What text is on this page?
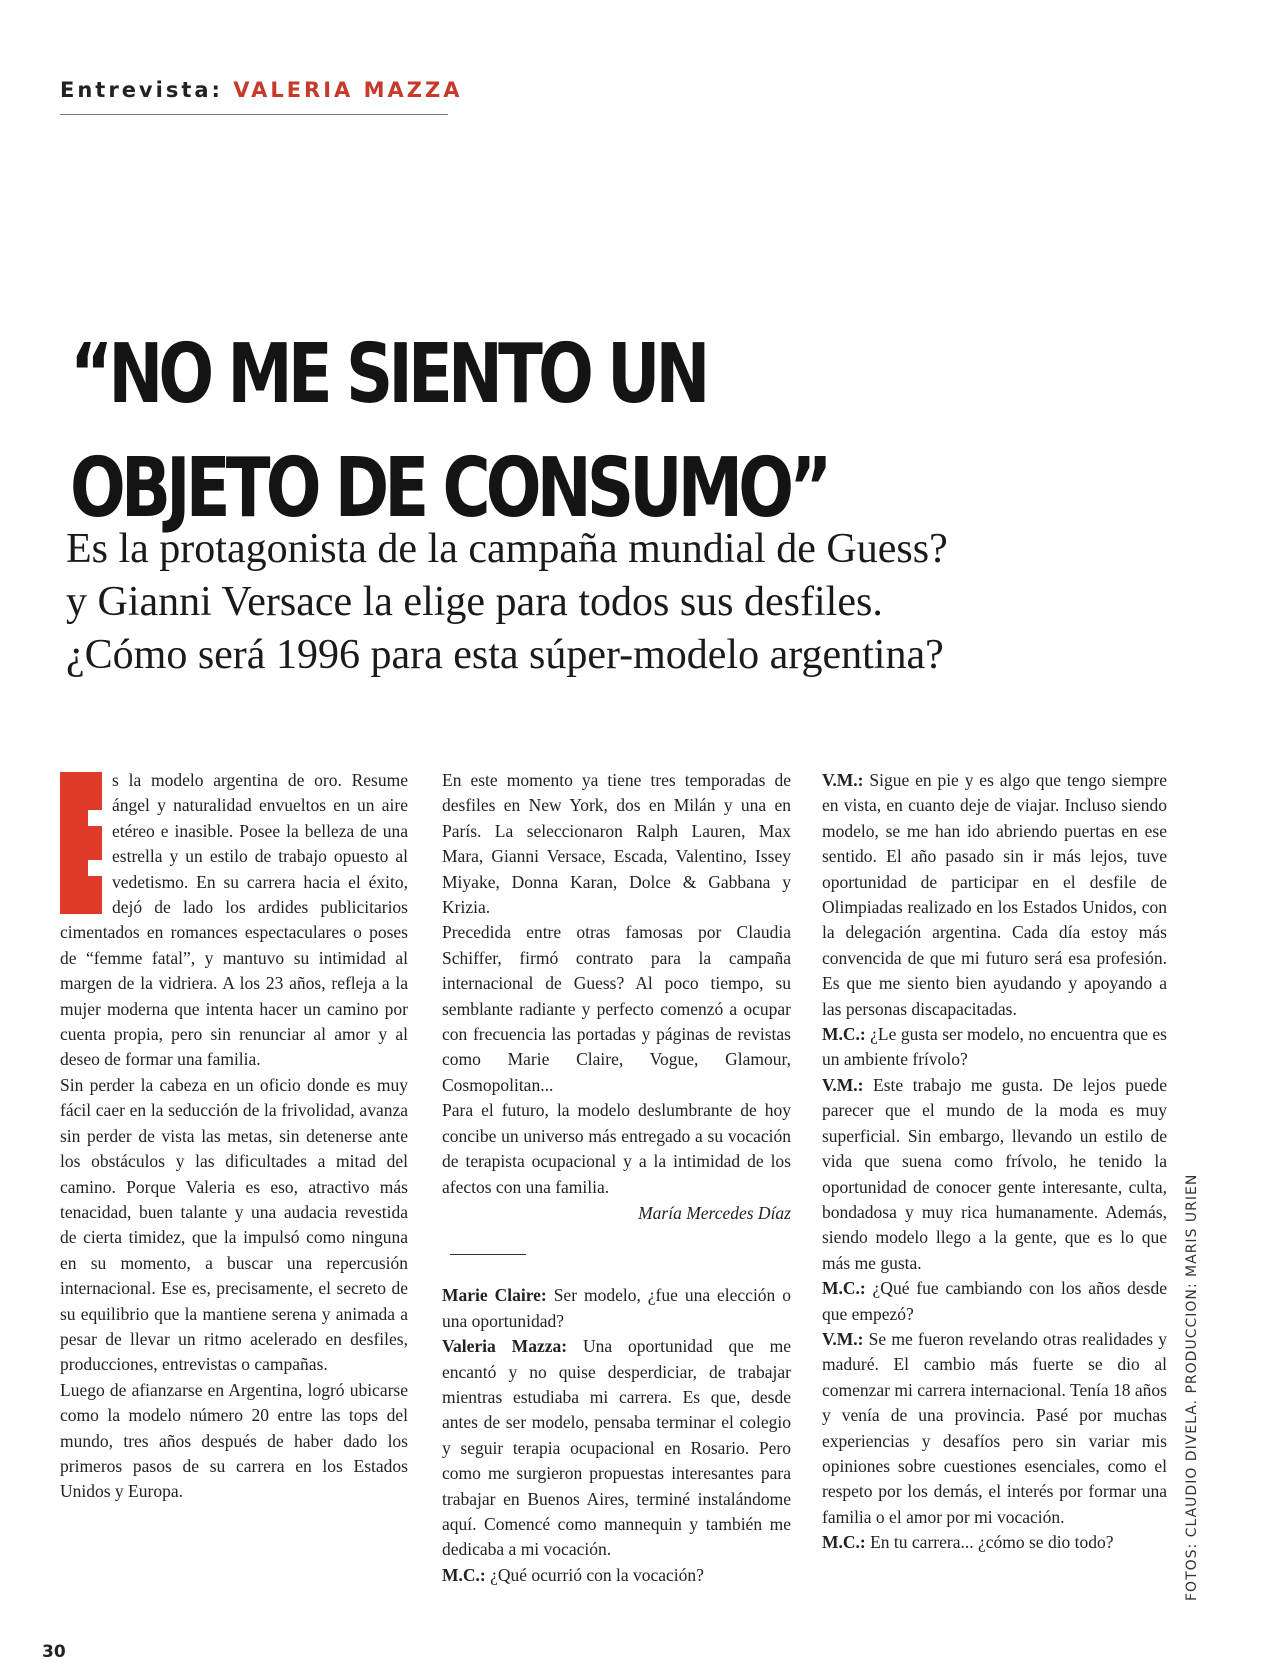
Entrevista: VALERIA MAZZA
“NO ME SIENTO UN
OBJETO DE CONSUMO”

Es la protagonista de la campaña mundial de Guess?
y Gianni Versace la elige para todos sus desfiles.
¿Cómo será 1996 para esta súper-modelo argentina?

s la modelo argentina de oro. Resume ángel y naturalidad envueltos en un aire etéreo e inasible. Posee la belleza de una estrella y un estilo de trabajo opuesto al vedetismo. En su carrera hacia el éxito, dejó de lado los ardides publicitarios cimentados en romances espectaculares o poses de “femme fatal”, y mantuvo su intimidad al margen de la vidriera. A los 23 años, refleja a la mujer moderna que intenta hacer un camino por cuenta propia, pero sin renunciar al amor y al deseo de formar una familia.

Sin perder la cabeza en un oficio donde es muy fácil caer en la seducción de la frivolidad, avanza sin perder de vista las metas, sin detenerse ante los obstáculos y las dificultades a mitad del camino. Porque Valeria es eso, atractivo más tenacidad, buen talante y una audacia revestida de cierta timidez, que la impulsó como ninguna en su momento, a buscar una repercusión internacional. Ese es, precisamente, el secreto de su equilibrio que la mantiene serena y animada a pesar de llevar un ritmo acelerado en desfiles, producciones, entrevistas o campañas.

Luego de afianzarse en Argentina, logró ubicarse como la modelo número 20 entre las tops del mundo, tres años después de haber dado los primeros pasos de su carrera en los Estados Unidos y Europa.

En este momento ya tiene tres temporadas de desfiles en New York, dos en Milán y una en París. La seleccionaron Ralph Lauren, Max Mara, Gianni Versace, Escada, Valentino, Issey Miyake, Donna Karan, Dolce & Gabbana y Krizia.

Precedida entre otras famosas por Claudia Schiffer, firmó contrato para la campaña internacional de Guess? Al poco tiempo, su semblante radiante y perfecto comenzó a ocupar con frecuencia las portadas y páginas de revistas como Marie Claire, Vogue, Glamour, Cosmopolitan...

Para el futuro, la modelo deslumbrante de hoy concibe un universo más entregado a su vocación de terapista ocupacional y a la intimidad de los afectos con una familia.

María Mercedes Díaz

Marie Claire: Ser modelo, ¿fue una elección o una oportunidad?

Valeria Mazza: Una oportunidad que me encantó y no quise desperdiciar, de trabajar mientras estudiaba mi carrera. Es que, desde antes de ser modelo, pensaba terminar el colegio y seguir terapia ocupacional en Rosario. Pero como me surgieron propuestas interesantes para trabajar en Buenos Aires, terminé instalándome aquí. Comencé como mannequin y también me dedicaba a mi vocación.

M.C.: ¿Qué ocurrió con la vocación?

V.M.: Sigue en pie y es algo que tengo siempre en vista, en cuanto deje de viajar. Incluso siendo modelo, se me han ido abriendo puertas en ese sentido. El año pasado sin ir más lejos, tuve oportunidad de participar en el desfile de Olimpiadas realizado en los Estados Unidos, con la delegación argentina. Cada día estoy más convencida de que mi futuro será esa profesión. Es que me siento bien ayudando y apoyando a las personas discapacitadas.

M.C.: ¿Le gusta ser modelo, no encuentra que es un ambiente frívolo?

V.M.: Este trabajo me gusta. De lejos puede parecer que el mundo de la moda es muy superficial. Sin embargo, llevando un estilo de vida que suena como frívolo, he tenido la oportunidad de conocer gente interesante, culta, bondadosa y muy rica humanamente. Además, siendo modelo llego a la gente, que es lo que más me gusta.

M.C.: ¿Qué fue cambiando con los años desde que empezó?

V.M.: Se me fueron revelando otras realidades y maduré. El cambio más fuerte se dio al comenzar mi carrera internacional. Tenía 18 años y venía de una provincia. Pasé por muchas experiencias y desafíos pero sin variar mis opiniones sobre cuestiones esenciales, como el respeto por los demás, el interés por formar una familia o el amor por mi vocación.

M.C.: En tu carrera... ¿cómo se dio todo?

30
FOTOS: CLAUDIO DIVELA. PRODUCCION: MARIS URIEN
